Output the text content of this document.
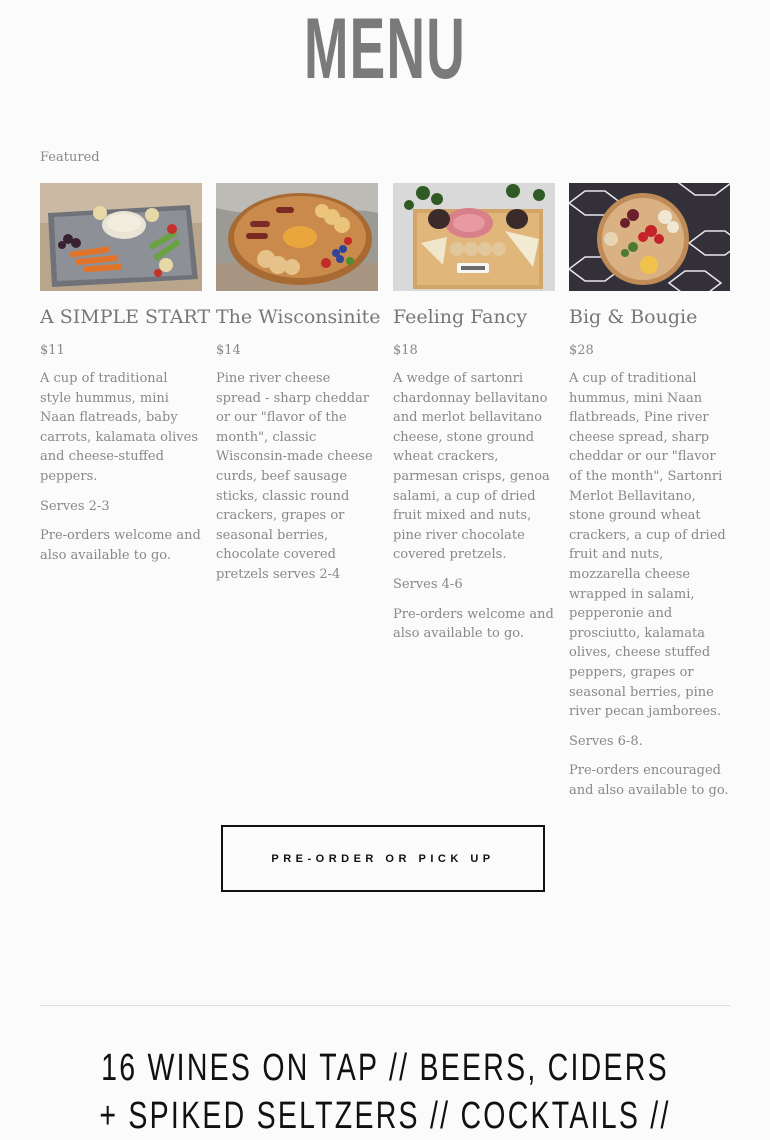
MENU
Featured
A SIMPLE START
$11
A cup of traditional style hummus, mini Naan flatreads, baby carrots, kalamata olives and cheese-stuffed peppers.
Serves 2-3
Pre-orders welcome and also available to go.
The Wisconsinite
$14
Pine river cheese spread - sharp cheddar or our "flavor of the month", classic Wisconsin-made cheese curds, beef sausage sticks, classic round crackers, grapes or seasonal berries, chocolate covered pretzels serves 2-4
Feeling Fancy
$18
A wedge of sartonri chardonnay bellavitano and merlot bellavitano cheese, stone ground wheat crackers, parmesan crisps, genoa salami, a cup of dried fruit mixed and nuts, pine river chocolate covered pretzels.
Serves 4-6
Pre-orders welcome and also available to go.
Big & Bougie
$28
A cup of traditional hummus, mini Naan flatbreads, Pine river cheese spread, sharp cheddar or our "flavor of the month", Sartonri Merlot Bellavitano, stone ground wheat crackers, a cup of dried fruit and nuts, mozzarella cheese wrapped in salami, pepperonie and prosciutto, kalamata olives, cheese stuffed peppers, grapes or seasonal berries, pine river pecan jamborees.
Serves 6-8.
Pre-orders encouraged and also available to go.
PRE-ORDER OR PICK UP
16 WINES ON TAP // BEERS, CIDERS + SPIKED SELTZERS // COCKTAILS //
